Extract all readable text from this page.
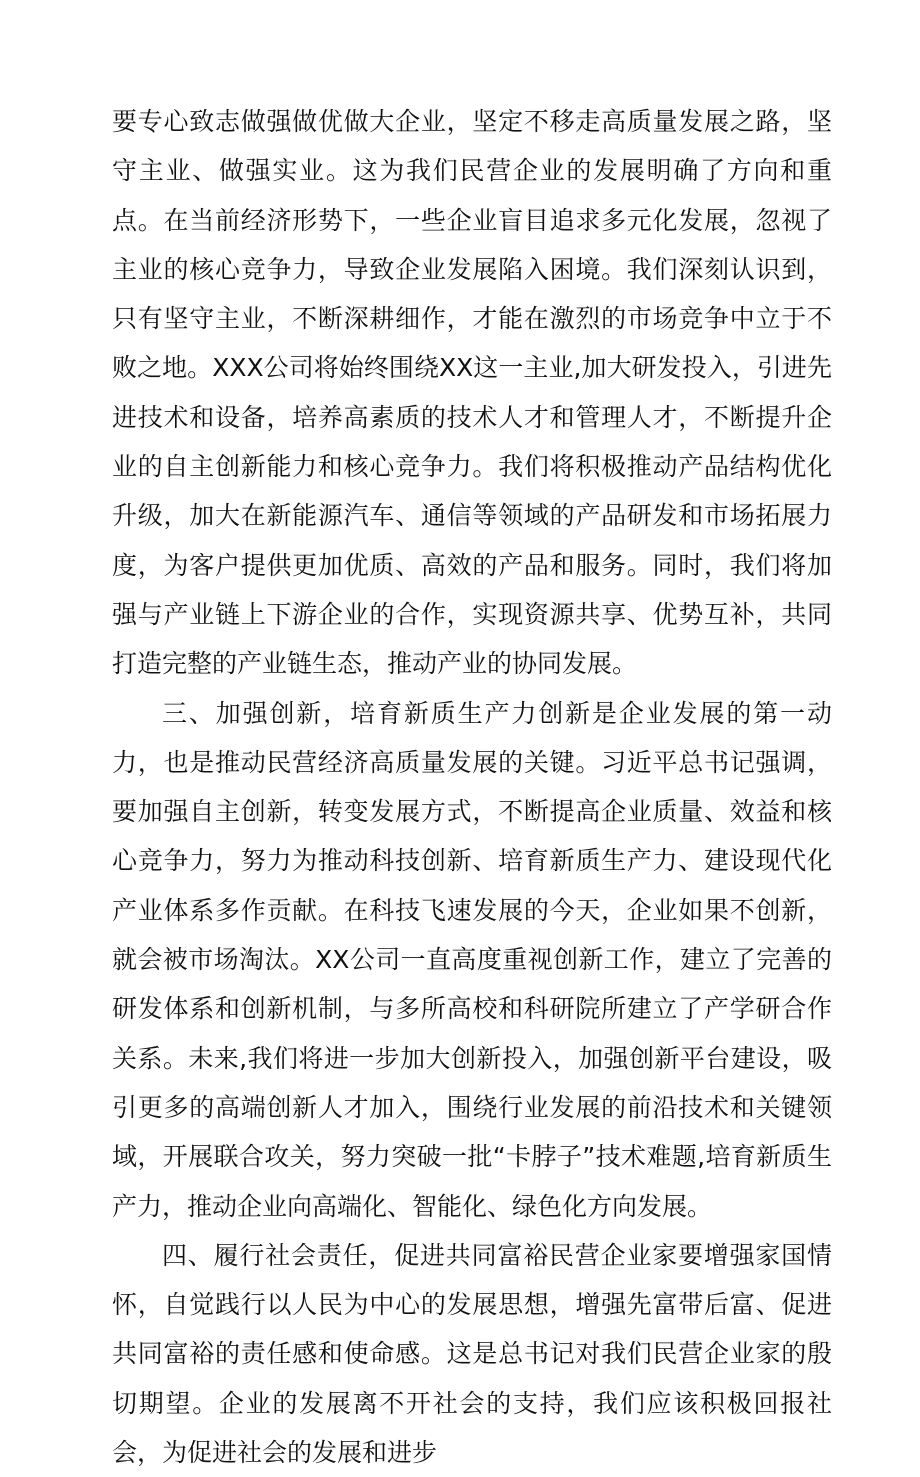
要专心致志做强做优做大企业，坚定不移走高质量发展之路，坚守主业、做强实业。这为我们民营企业的发展明确了方向和重点。在当前经济形势下，一些企业盲目追求多元化发展，忽视了主业的核心竞争力，导致企业发展陷入困境。我们深刻认识到，只有坚守主业，不断深耕细作，才能在激烈的市场竞争中立于不败之地。XXX公司将始终围绕XX这一主业,加大研发投入，引进先进技术和设备，培养高素质的技术人才和管理人才，不断提升企业的自主创新能力和核心竞争力。我们将积极推动产品结构优化升级，加大在新能源汽车、通信等领域的产品研发和市场拓展力度，为客户提供更加优质、高效的产品和服务。同时，我们将加强与产业链上下游企业的合作，实现资源共享、优势互补，共同打造完整的产业链生态，推动产业的协同发展。

三、加强创新，培育新质生产力创新是企业发展的第一动力，也是推动民营经济高质量发展的关键。习近平总书记强调，要加强自主创新，转变发展方式，不断提高企业质量、效益和核心竞争力，努力为推动科技创新、培育新质生产力、建设现代化产业体系多作贡献。在科技飞速发展的今天，企业如果不创新，就会被市场淘汰。XX公司一直高度重视创新工作，建立了完善的研发体系和创新机制，与多所高校和科研院所建立了产学研合作关系。未来,我们将进一步加大创新投入，加强创新平台建设，吸引更多的高端创新人才加入，围绕行业发展的前沿技术和关键领域，开展联合攻关，努力突破一批“卡脖子”技术难题,培育新质生产力，推动企业向高端化、智能化、绿色化方向发展。

四、履行社会责任，促进共同富裕民营企业家要增强家国情怀，自觉践行以人民为中心的发展思想，增强先富带后富、促进共同富裕的责任感和使命感。这是总书记对我们民营企业家的殷切期望。企业的发展离不开社会的支持，我们应该积极回报社会，为促进社会的发展和进步
